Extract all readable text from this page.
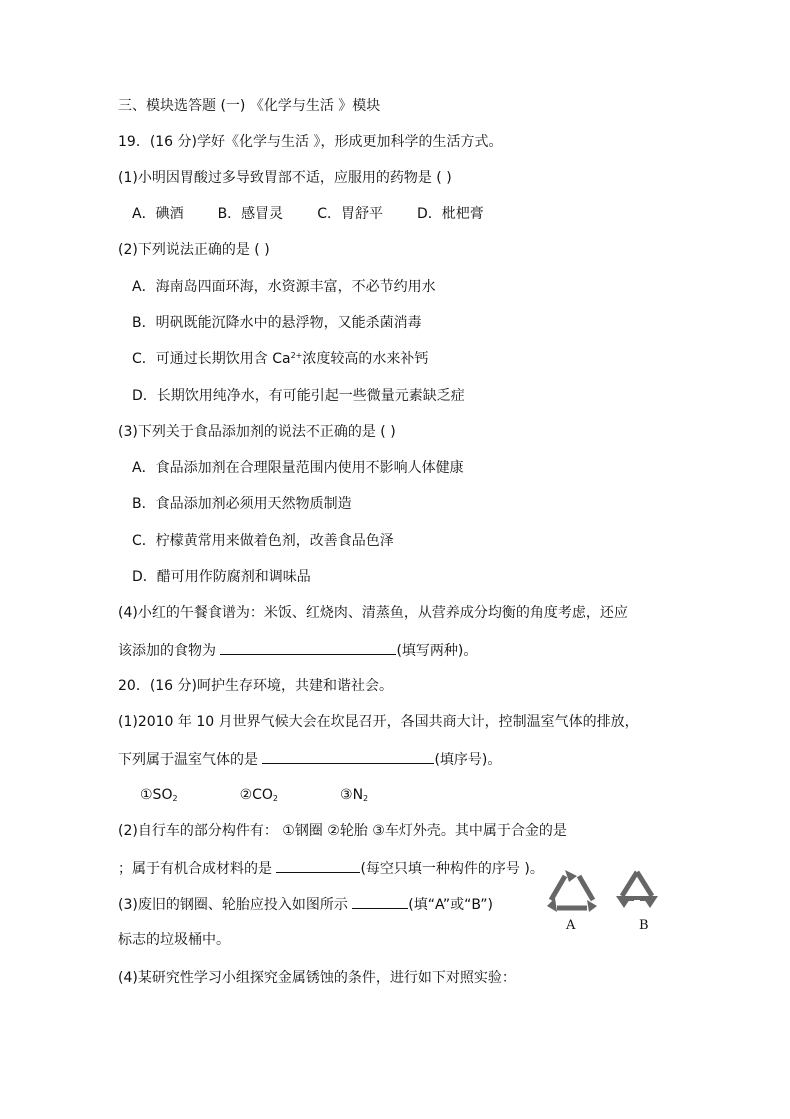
三、模块选答题 (一) 《化学与生活 》模块
19．(16 分)学好《化学与生活 》，形成更加科学的生活方式。
(1)小明因胃酸过多导致胃部不适，应服用的药物是 ( )
A．碘酒 B．感冒灵 C．胃舒平 D．枇杷膏
(2)下列说法正确的是 ( )
A．海南岛四面环海，水资源丰富，不必节约用水
B．明矾既能沉降水中的悬浮物，又能杀菌消毒
C．可通过长期饮用含 $Ca^{2+}$浓度较高的水来补钙
D．长期饮用纯净水，有可能引起一些微量元素缺乏症
(3)下列关于食品添加剂的说法不正确的是 ( )
A．食品添加剂在合理限量范围内使用不影响人体健康
B．食品添加剂必须用天然物质制造
C．柠檬黄常用来做着色剂，改善食品色泽
D．醋可用作防腐剂和调味品
(4)小红的午餐食谱为：米饭、红烧肉、清蒸鱼，从营养成分均衡的角度考虑，还应
该添加的食物为	(填写两种)。
20．(16 分)呵护生存环境，共建和谐社会。
(1)2010 年 10 月世界气候大会在坎昆召开，各国共商大计，控制温室气体的排放，
下列属于温室气体的是	(填序号)。
$①SO_2$	$②CO_2$	$③N_2$
(2)自行车的部分构件有： ①钢圈 ②轮胎 ③车灯外壳。其中属于合金的是
；属于有机合成材料的是	(每空只填一种构件的序号 )。
(3)废旧的钢圈、轮胎应投入如图所示	(填“A”或“B”)
标志的垃圾桶中。
A	B
(4)某研究性学习小组探究金属锈蚀的条件，进行如下对照实验：
